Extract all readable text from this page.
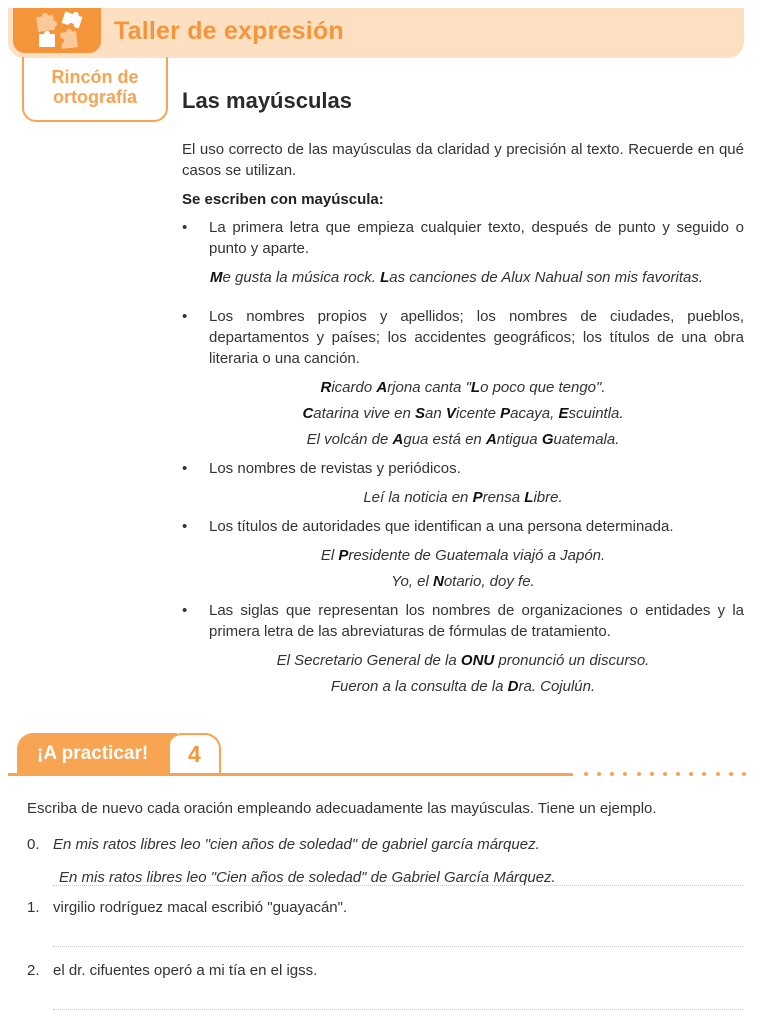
Taller de expresión
Rincón de
ortografía	Las mayúsculas

El uso correcto de las mayúsculas da claridad y precisión al texto. Recuerde en qué casos se utilizan.

Se escriben con mayúscula:

• La primera letra que empieza cualquier texto, después de punto y seguido o punto y aparte.

Me gusta la música rock. Las canciones de Alux Nahual son mis favoritas.

• Los nombres propios y apellidos; los nombres de ciudades, pueblos, departamentos y países; los accidentes geográficos; los títulos de una obra literaria o una canción.

Ricardo Arjona canta "Lo poco que tengo".

Catarina vive en San Vicente Pacaya, Escuintla.

El volcán de Agua está en Antigua Guatemala.

• Los nombres de revistas y periódicos.

Leí la noticia en Prensa Libre.

• Los títulos de autoridades que identifican a una persona determinada.

El Presidente de Guatemala viajó a Japón.

Yo, el Notario, doy fe.

• Las siglas que representan los nombres de organizaciones o entidades y la primera letra de las abreviaturas de fórmulas de tratamiento.

El Secretario General de la ONU pronunció un discurso.

Fueron a la consulta de la Dra. Cojulún.

¡A practicar! 4

Escriba de nuevo cada oración empleando adecuadamente las mayúsculas. Tiene un ejemplo.

0. En mis ratos libres leo "cien años de soledad" de gabriel garcía márquez.
En mis ratos libres leo "Cien años de soledad" de Gabriel García Márquez.
1. virgilio rodríguez macal escribió "guayacán".
2. el dr. cifuentes operó a mi tía en el igss.
